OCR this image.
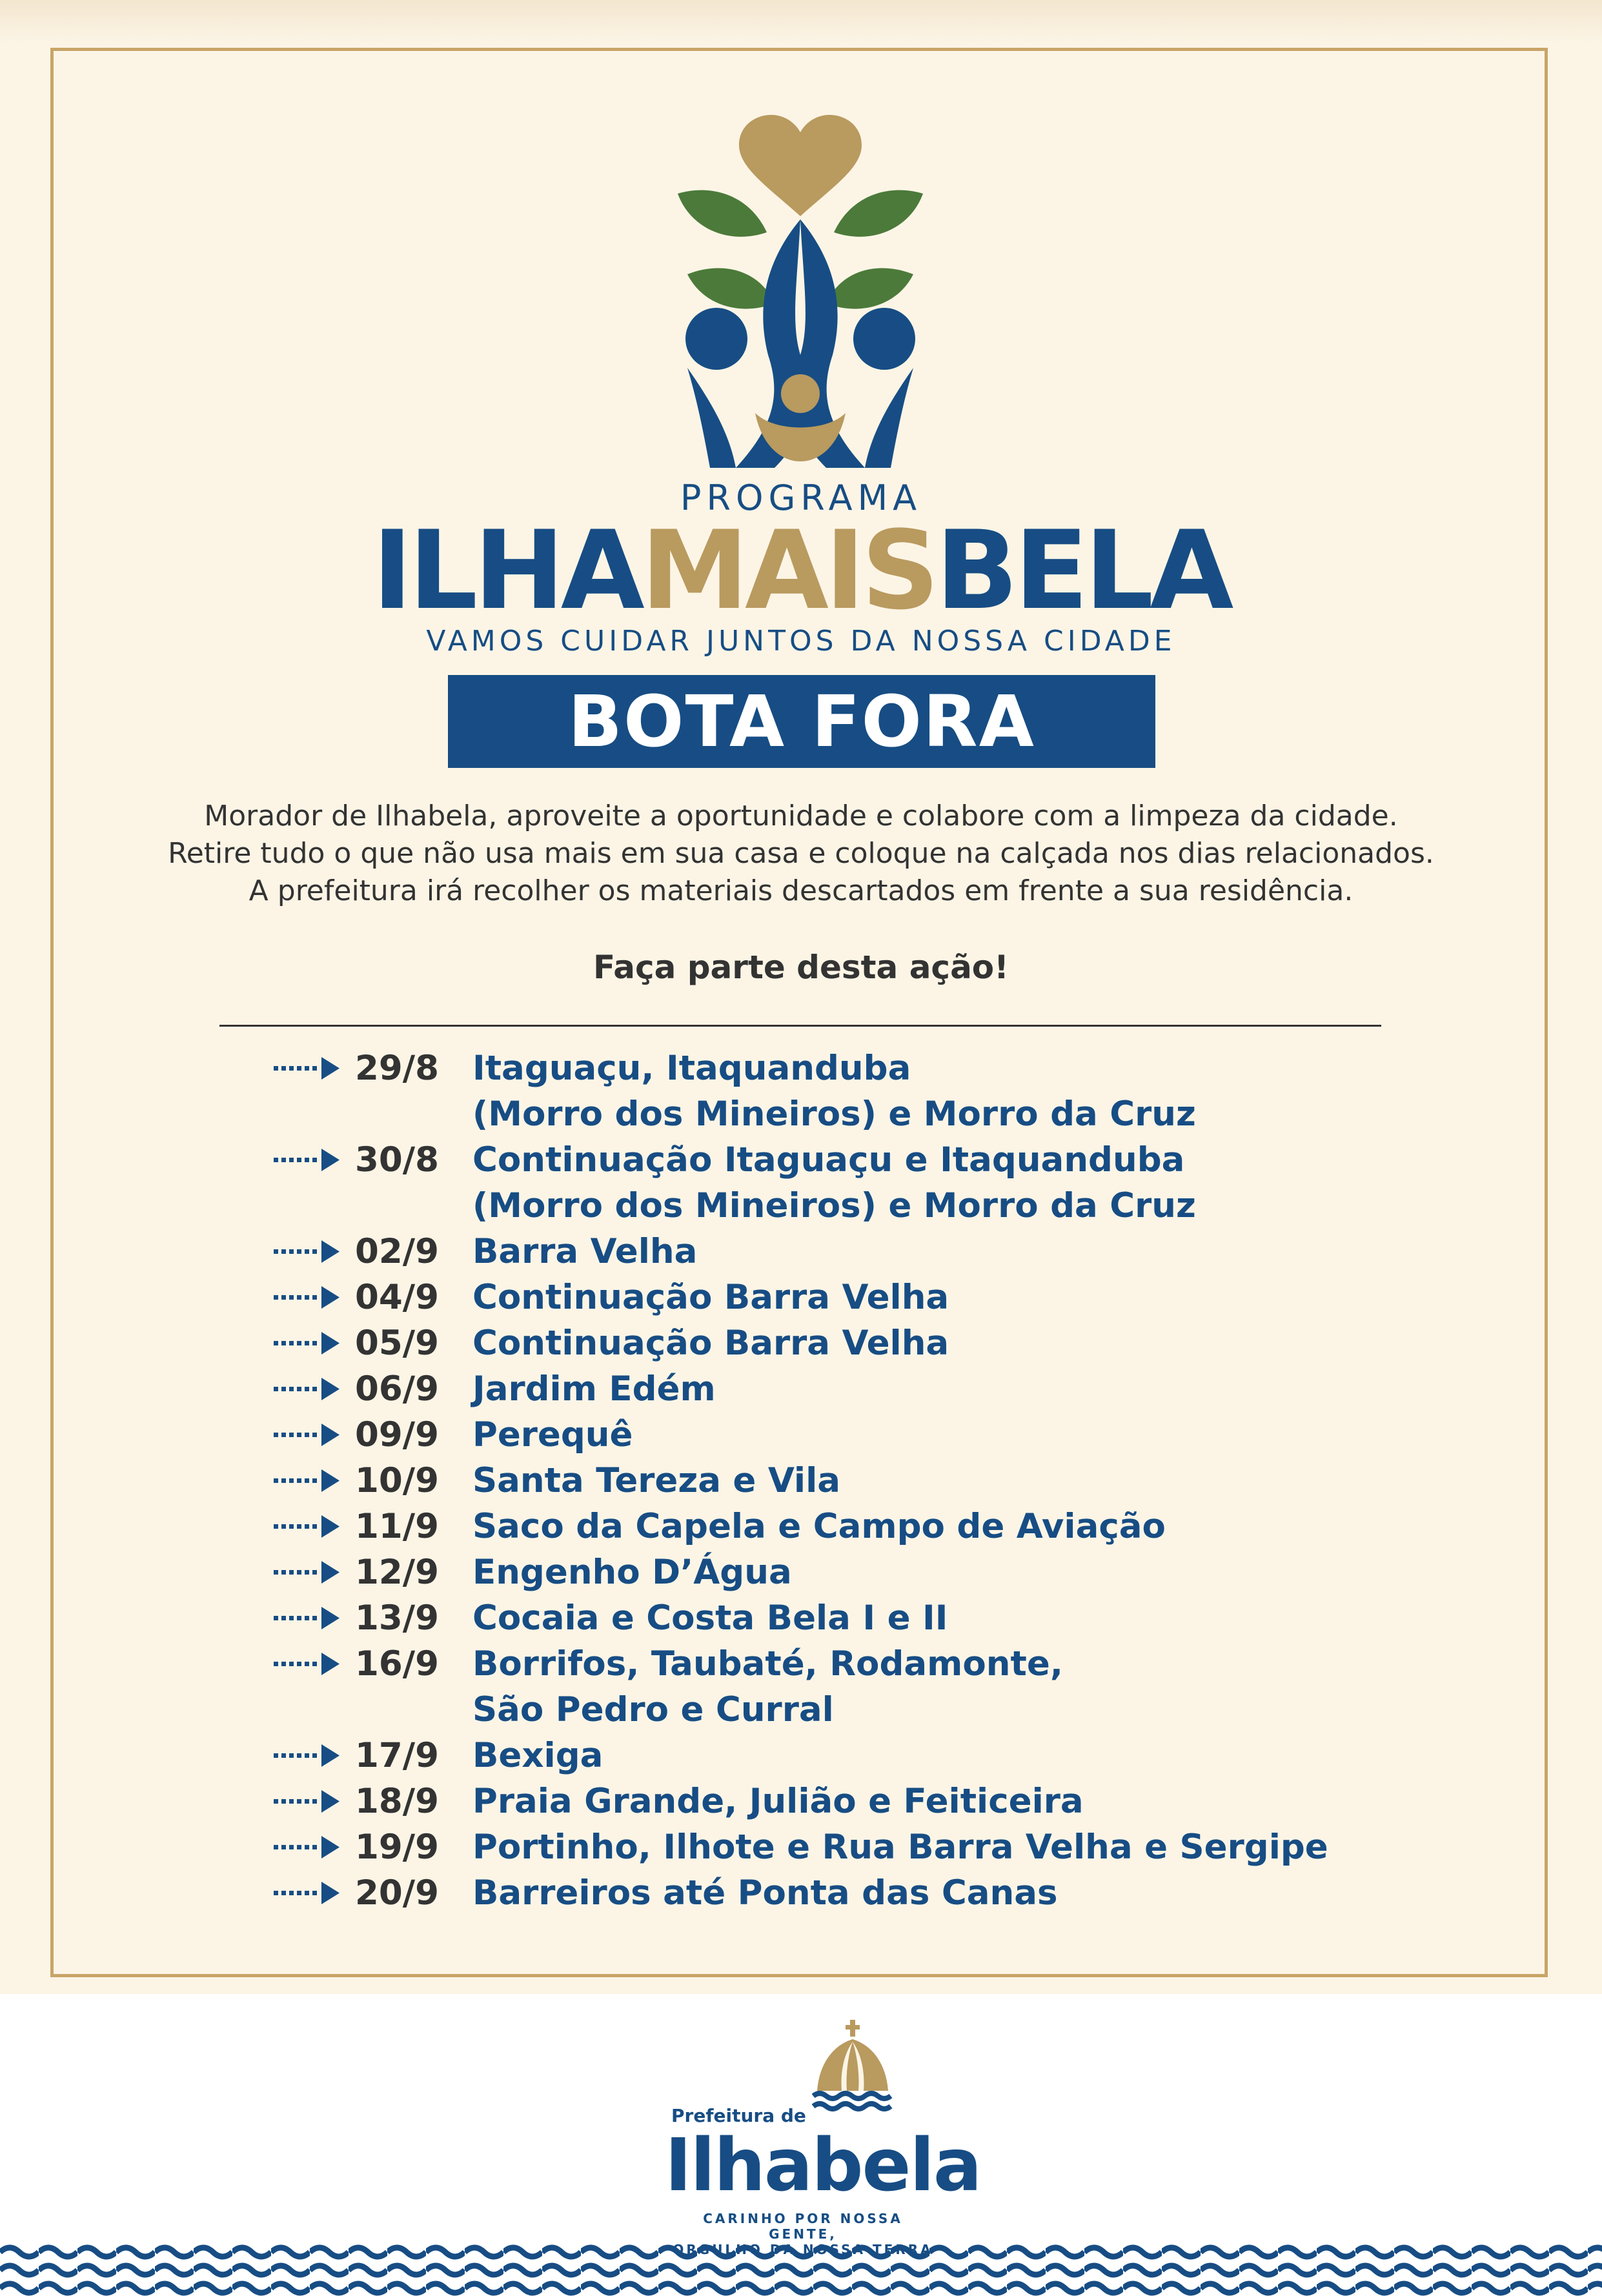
PROGRAMA
ILHAMAISBELA
VAMOS CUIDAR JUNTOS DA NOSSA CIDADE
BOTA FORA
Morador de Ilhabela, aproveite a oportunidade e colabore com a limpeza da cidade.
Retire tudo o que não usa mais em sua casa e coloque na calçada nos dias relacionados.
A prefeitura irá recolher os materiais descartados em frente a sua residência.
Faça parte desta ação!
29/8 Itaguaçu, Itaquanduba
(Morro dos Mineiros) e Morro da Cruz
30/8 Continuação Itaguaçu e Itaquanduba
(Morro dos Mineiros) e Morro da Cruz
02/9 Barra Velha
04/9 Continuação Barra Velha
05/9 Continuação Barra Velha
06/9 Jardim Edém
09/9 Perequê
10/9 Santa Tereza e Vila
11/9 Saco da Capela e Campo de Aviação
12/9 Engenho D’Água
13/9 Cocaia e Costa Bela I e II
16/9 Borrifos, Taubaté, Rodamonte,
São Pedro e Curral
17/9 Bexiga
18/9 Praia Grande, Julião e Feiticeira
19/9 Portinho, Ilhote e Rua Barra Velha e Sergipe
20/9 Barreiros até Ponta das Canas
Prefeitura de
Ilhabela
CARINHO POR NOSSA
